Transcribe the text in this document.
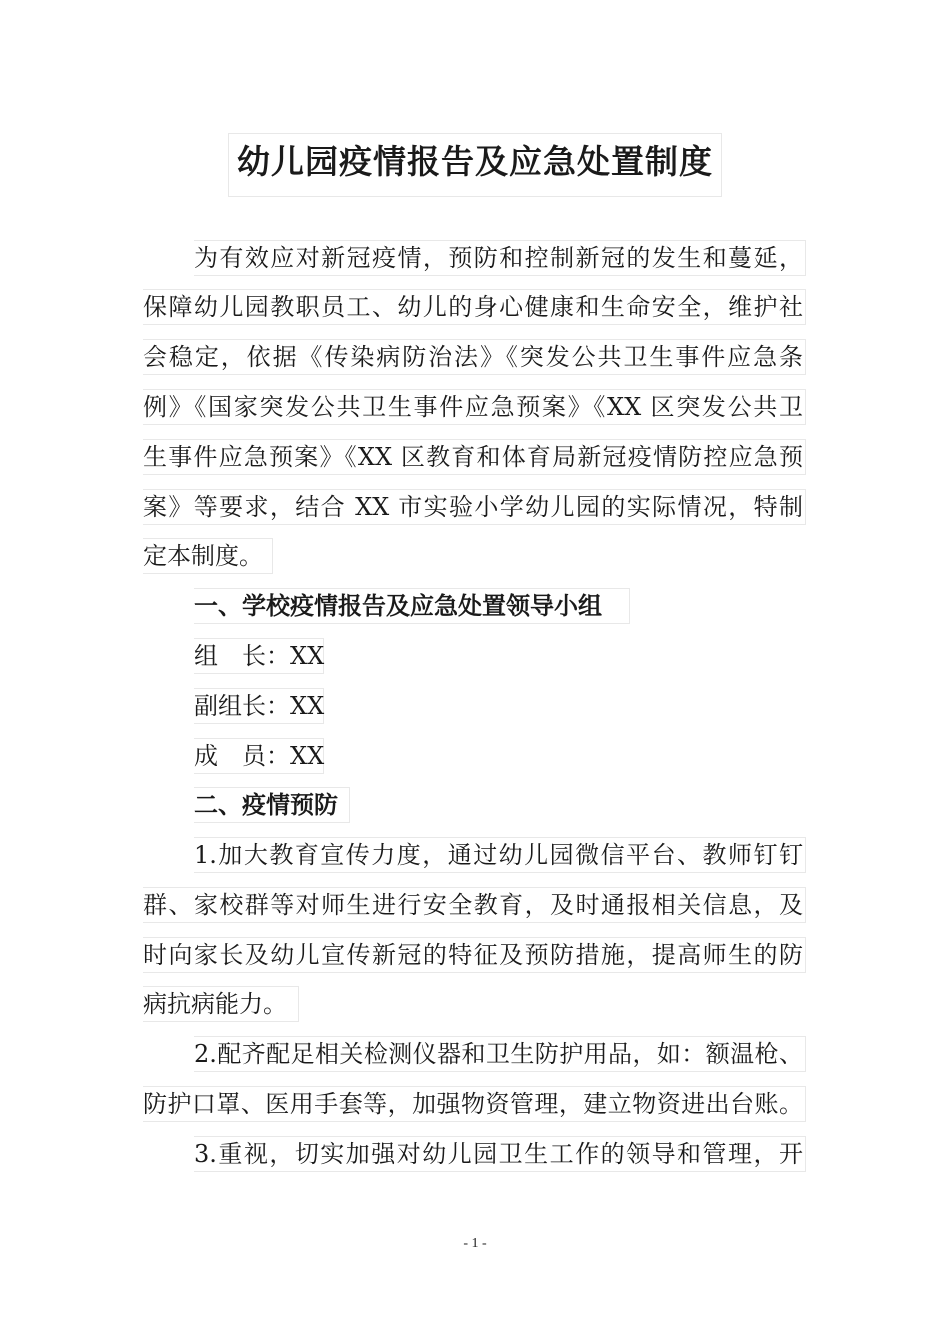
幼儿园疫情报告及应急处置制度
为有效应对新冠疫情，预防和控制新冠的发生和蔓延，
保障幼儿园教职员工、幼儿的身心健康和生命安全，维护社
会稳定，依据《传染病防治法》《突发公共卫生事件应急条
例》《国家突发公共卫生事件应急预案》《XX 区突发公共卫
生事件应急预案》《XX 区教育和体育局新冠疫情防控应急预
案》等要求，结合 XX 市实验小学幼儿园的实际情况，特制
定本制度。
一、学校疫情报告及应急处置领导小组
组　长：XX
副组长：XX
成　员：XX
二、疫情预防
1.加大教育宣传力度，通过幼儿园微信平台、教师钉钉
群、家校群等对师生进行安全教育，及时通报相关信息，及
时向家长及幼儿宣传新冠的特征及预防措施，提高师生的防
病抗病能力。
2.配齐配足相关检测仪器和卫生防护用品，如：额温枪、
防护口罩、医用手套等，加强物资管理，建立物资进出台账。
3.重视，切实加强对幼儿园卫生工作的领导和管理，开
- 1 -
